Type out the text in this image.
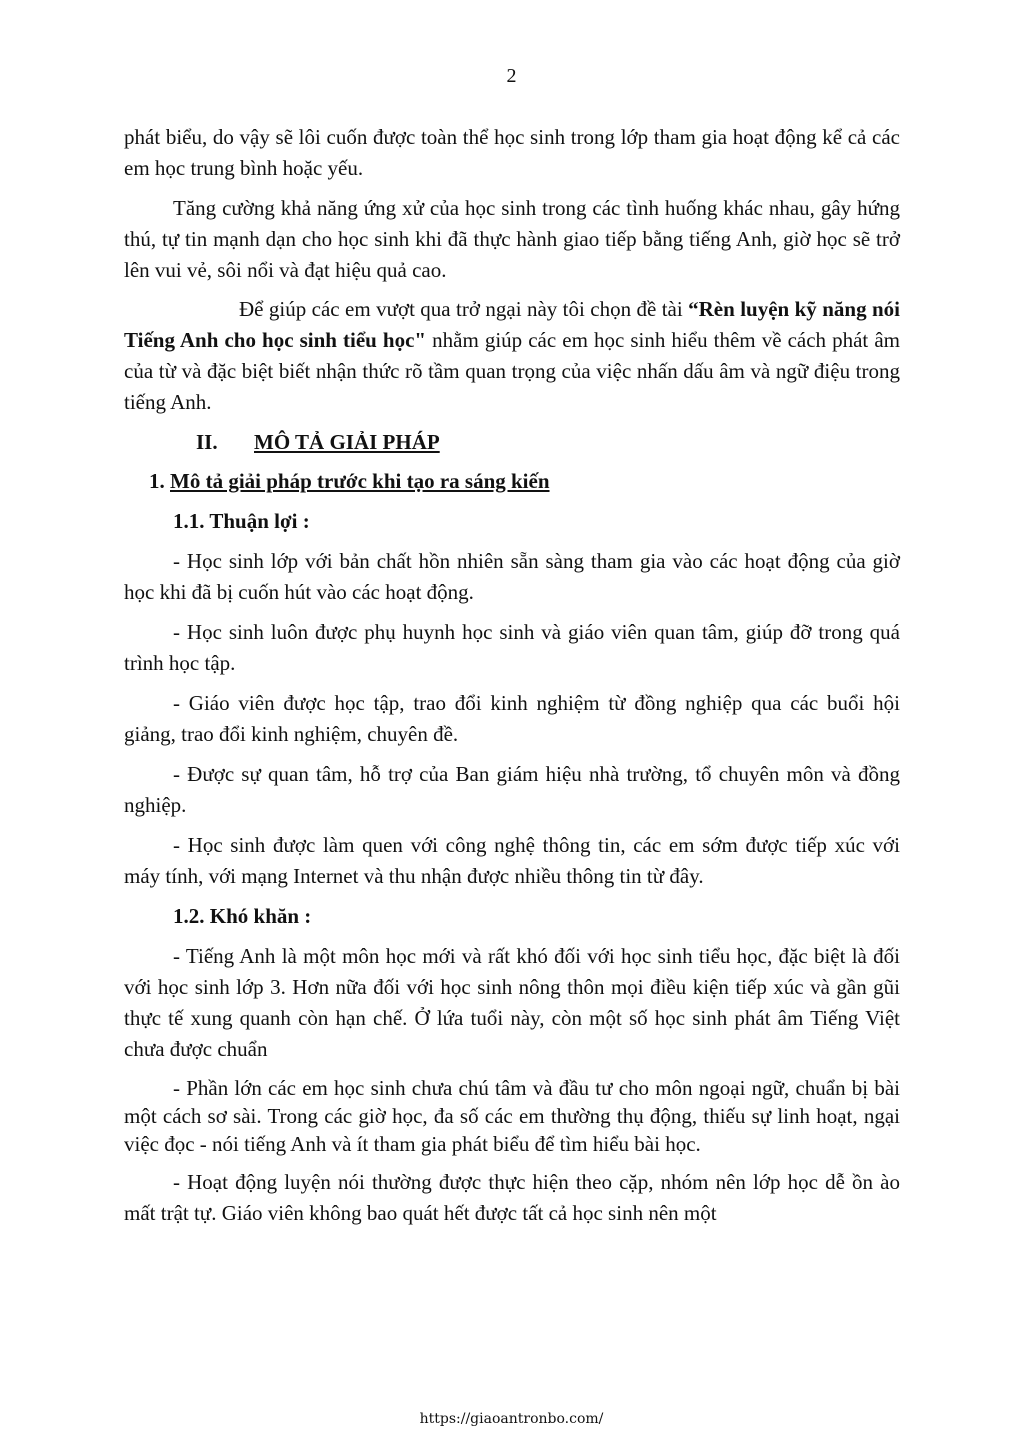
2

phát biểu, do vậy sẽ lôi cuốn được toàn thể học sinh trong lớp tham gia hoạt động kể cả các em học trung bình hoặc yếu.

Tăng cường khả năng ứng xử của học sinh trong các tình huống khác nhau, gây hứng thú, tự tin mạnh dạn cho học sinh khi đã thực hành giao tiếp bằng tiếng Anh, giờ học sẽ trở lên vui vẻ, sôi nổi và đạt hiệu quả cao.

Để giúp các em vượt qua trở ngại này tôi chọn đề tài “Rèn luyện kỹ năng nói Tiếng Anh cho học sinh tiểu học" nhằm giúp các em học sinh hiểu thêm về cách phát âm của từ và đặc biệt biết nhận thức rõ tầm quan trọng của việc nhấn dấu âm và ngữ điệu trong tiếng Anh.

II. MÔ TẢ GIẢI PHÁP
1. Mô tả giải pháp trước khi tạo ra sáng kiến
1.1. Thuận lợi :

- Học sinh lớp với bản chất hồn nhiên sẵn sàng tham gia vào các hoạt động của giờ học khi đã bị cuốn hút vào các hoạt động.

- Học sinh luôn được phụ huynh học sinh và giáo viên quan tâm, giúp đỡ trong quá trình học tập.

- Giáo viên được học tập, trao đổi kinh nghiệm từ đồng nghiệp qua các buổi hội giảng, trao đổi kinh nghiệm, chuyên đề.

- Được sự quan tâm, hỗ trợ của Ban giám hiệu nhà trường, tổ chuyên môn và đồng nghiệp.

- Học sinh được làm quen với công nghệ thông tin, các em sớm được tiếp xúc với máy tính, với mạng Internet và thu nhận được nhiều thông tin từ đây.

1.2. Khó khăn :

- Tiếng Anh là một môn học mới và rất khó đối với học sinh tiểu học, đặc biệt là đối với học sinh lớp 3. Hơn nữa đối với học sinh nông thôn mọi điều kiện tiếp xúc và gần gũi thực tế xung quanh còn hạn chế. Ở lứa tuổi này, còn một số học sinh phát âm Tiếng Việt chưa được chuẩn

- Phần lớn các em học sinh chưa chú tâm và đầu tư cho môn ngoại ngữ, chuẩn bị bài một cách sơ sài. Trong các giờ học, đa số các em thường thụ động, thiếu sự linh hoạt, ngại việc đọc - nói tiếng Anh và ít tham gia phát biểu để tìm hiểu bài học.

- Hoạt động luyện nói thường được thực hiện theo cặp, nhóm nên lớp học dễ ồn ào mất trật tự. Giáo viên không bao quát hết được tất cả học sinh nên một

https://giaoantronbo.com/
